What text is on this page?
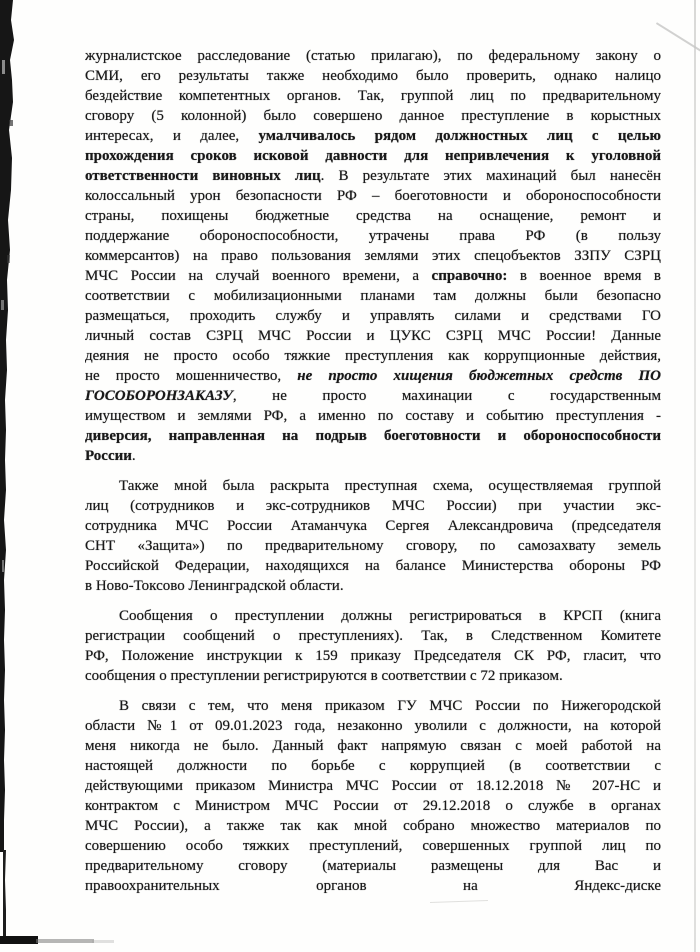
журналистское расследование (статью прилагаю), по федеральному закону о
СМИ, его результаты также необходимо было проверить, однако налицо
бездействие компетентных органов. Так, группой лиц по предварительному
сговору (5 колонной) было совершено данное преступление в корыстных
интересах, и далее, умалчивалось рядом должностных лиц с целью
прохождения сроков исковой давности для непривлечения к уголовной
ответственности виновных лиц. В результате этих махинаций был нанесён
колоссальный урон безопасности РФ – боеготовности и обороноспособности
страны, похищены бюджетные средства на оснащение, ремонт и
поддержание обороноспособности, утрачены права РФ (в пользу
коммерсантов) на право пользования землями этих спецобъектов ЗЗПУ СЗРЦ
МЧС России на случай военного времени, а справочно: в военное время в
соответствии с мобилизационными планами там должны были безопасно
размещаться, проходить службу и управлять силами и средствами ГО
личный состав СЗРЦ МЧС России и ЦУКС СЗРЦ МЧС России! Данные
деяния не просто особо тяжкие преступления как коррупционные действия,
не просто мошенничество, не просто хищения бюджетных средств ПО
ГОСОБОРОНЗАКАЗУ, не просто махинации с государственным
имуществом и землями РФ, а именно по составу и событию преступления -
диверсия, направленная на подрыв боеготовности и обороноспособности
России.
Также мной была раскрыта преступная схема, осуществляемая группой
лиц (сотрудников и экс-сотрудников МЧС России) при участии экс-
сотрудника МЧС России Атаманчука Сергея Александровича (председателя
СНТ «Защита») по предварительному сговору, по самозахвату земель
Российской Федерации, находящихся на балансе Министерства обороны РФ
в Ново-Токсово Ленинградской области.
Сообщения о преступлении должны регистрироваться в КРСП (книга
регистрации сообщений о преступлениях). Так, в Следственном Комитете
РФ, Положение инструкции к 159 приказу Председателя СК РФ, гласит, что
сообщения о преступлении регистрируются в соответствии с 72 приказом.
В связи с тем, что меня приказом ГУ МЧС России по Нижегородской
области №1 от 09.01.2023 года, незаконно уволили с должности, на которой
меня никогда не было. Данный факт напрямую связан с моей работой на
настоящей должности по борьбе с коррупцией (в соответствии с
действующими приказом Министра МЧС России от 18.12.2018 № 207-НС и
контрактом с Министром МЧС России от 29.12.2018 о службе в органах
МЧС России), а также так как мной собрано множество материалов по
совершению особо тяжких преступлений, совершенных группой лиц по
предварительному сговору (материалы размещены для Вас и
правоохранительных органов на Яндекс-диске
